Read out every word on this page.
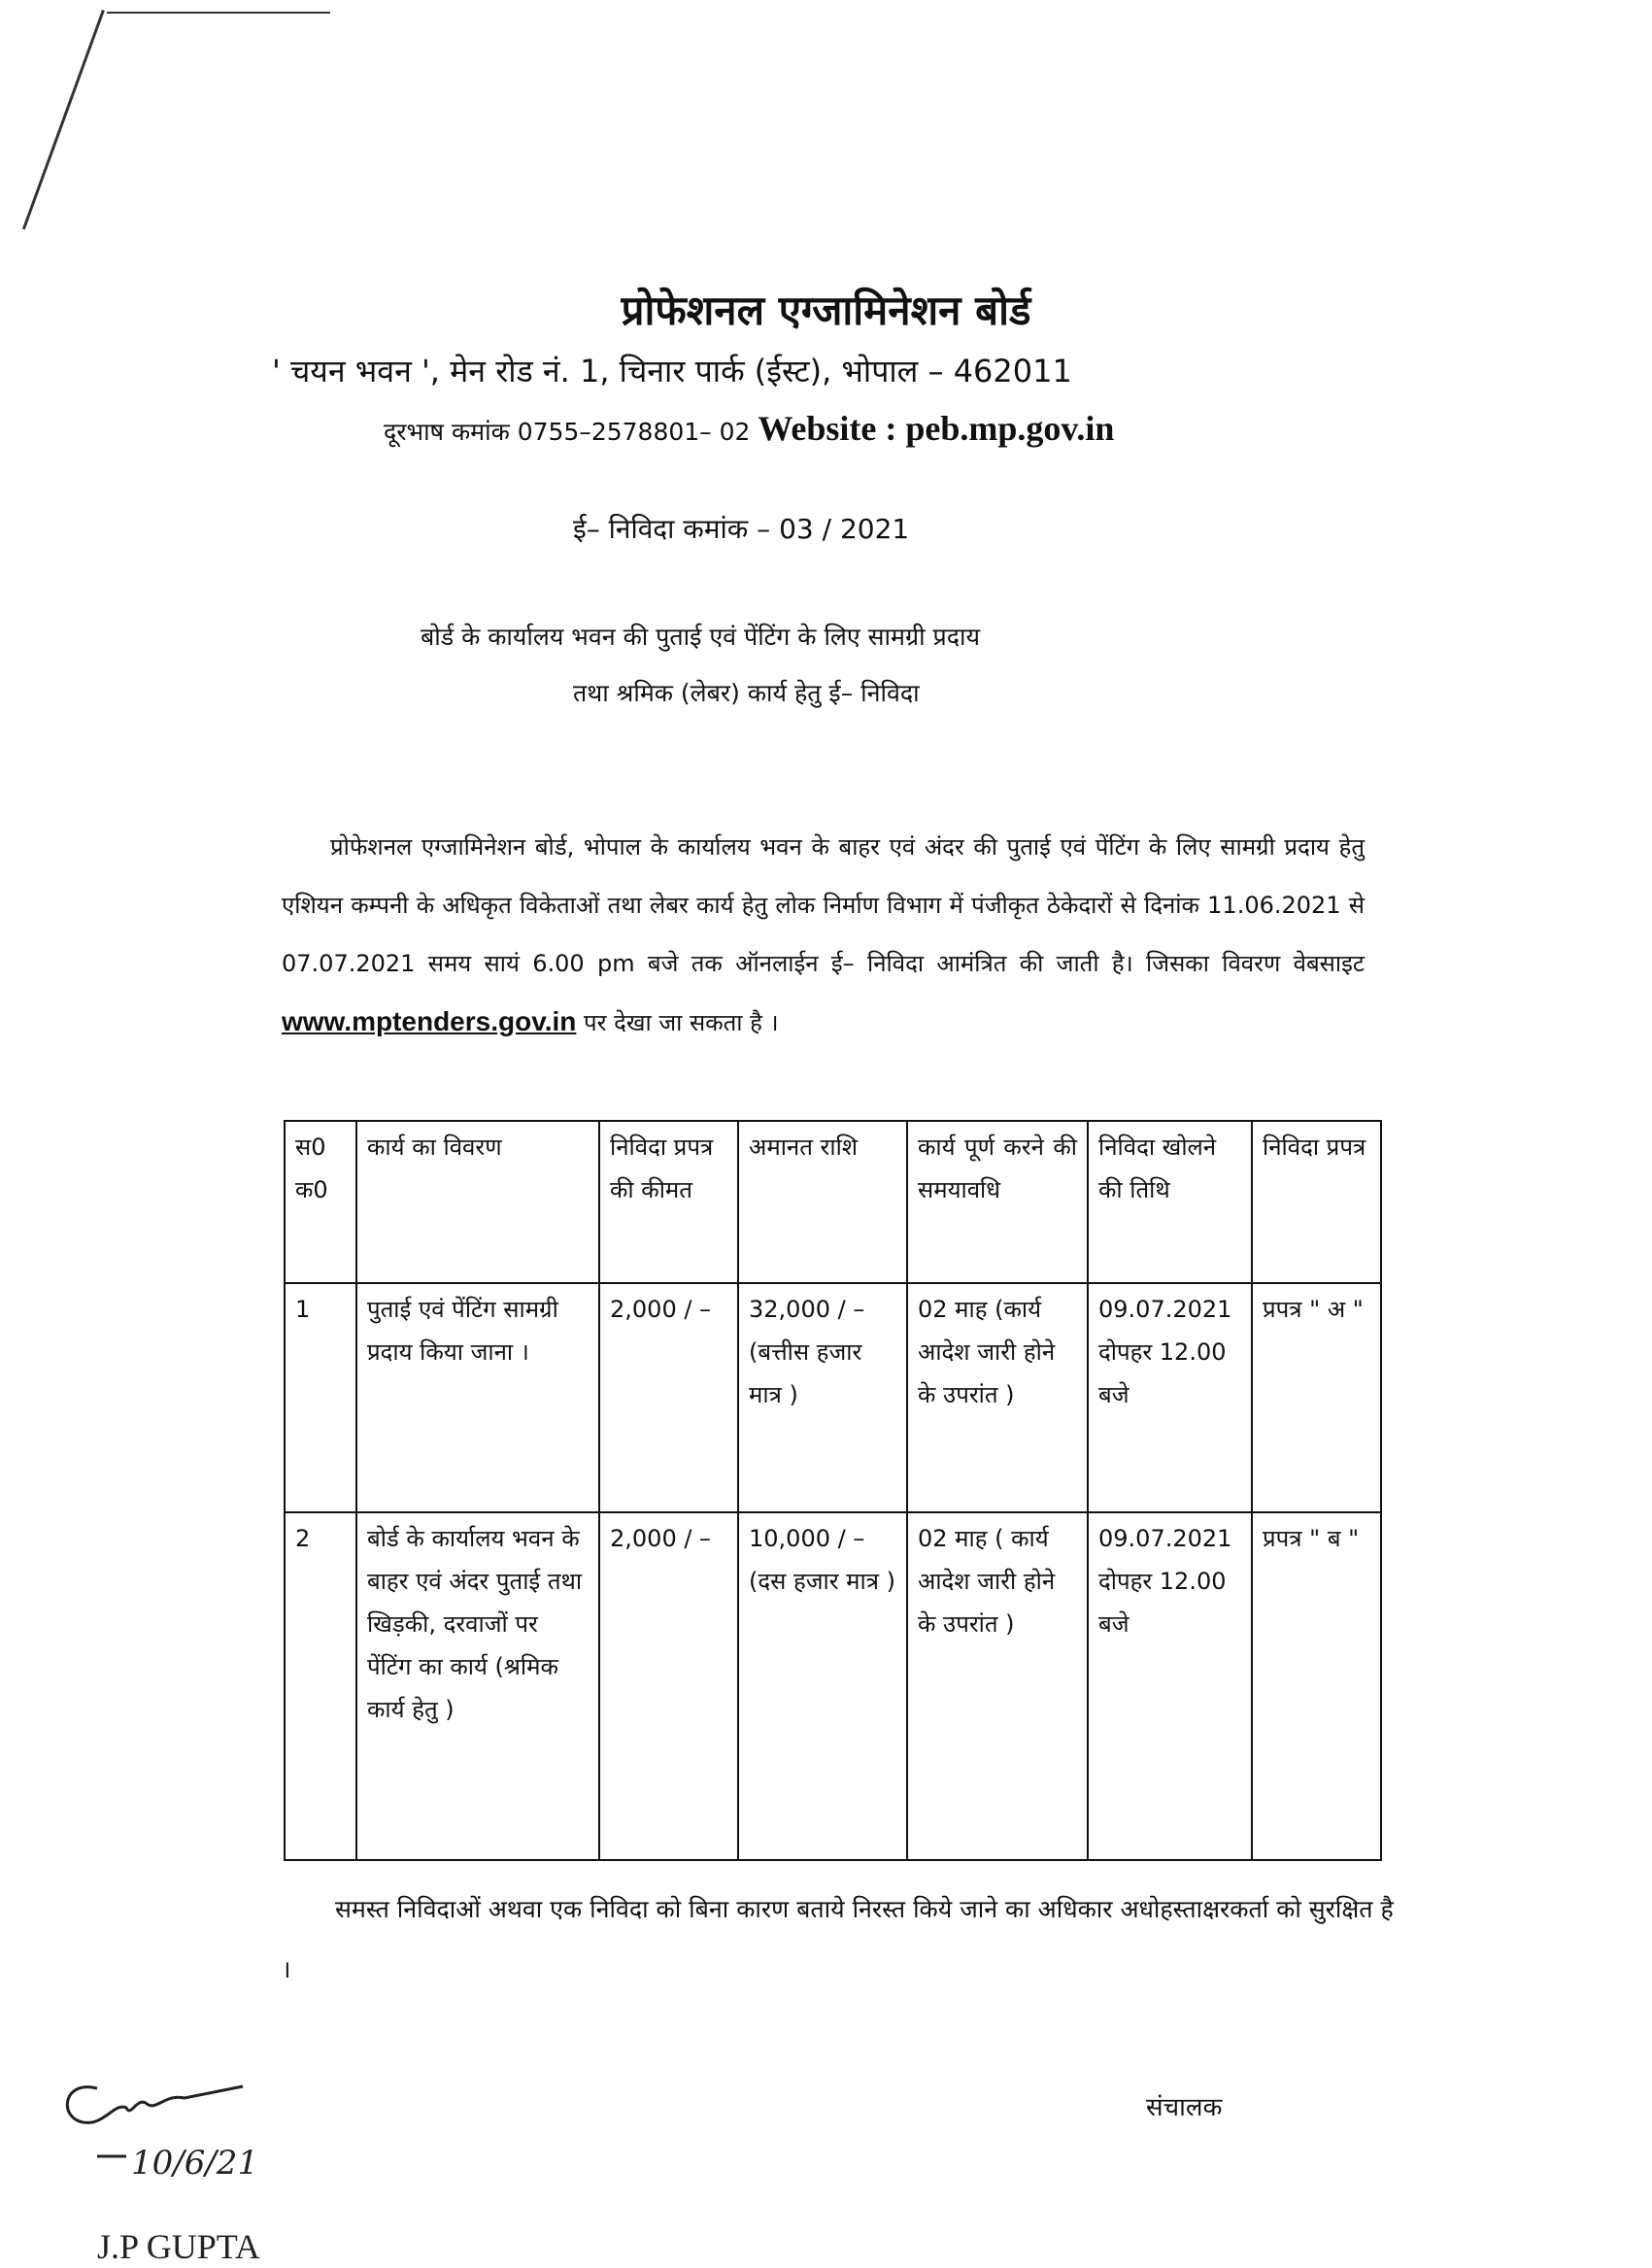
प्रोफेशनल एग्जामिनेशन बोर्ड
' चयन भवन ', मेन रोड नं. 1, चिनार पार्क (ईस्ट), भोपाल – 462011
दूरभाष कमांक 0755–2578801– 02 Website : peb.mp.gov.in
ई– निविदा कमांक – 03 / 2021
बोर्ड के कार्यालय भवन की पुताई एवं पेंटिंग के लिए सामग्री प्रदाय
तथा श्रमिक (लेबर) कार्य हेतु ई– निविदा
प्रोफेशनल एग्जामिनेशन बोर्ड, भोपाल के कार्यालय भवन के बाहर एवं अंदर की पुताई एवं पेंटिंग के लिए सामग्री प्रदाय हेतु एशियन कम्पनी के अधिकृत विकेताओं तथा लेबर कार्य हेतु लोक निर्माण विभाग में पंजीकृत ठेकेदारों से दिनांक 11.06.2021 से 07.07.2021 समय सायं 6.00 pm बजे तक ऑनलाईन ई– निविदा आमंत्रित की जाती है। जिसका विवरण वेबसाइट www.mptenders.gov.in पर देखा जा सकता है ।
स0 क0	कार्य का विवरण	निविदा प्रपत्र की कीमत	अमानत राशि	कार्य पूर्ण करने की समयावधि	निविदा खोलने की तिथि	निविदा प्रपत्र
1	पुताई एवं पेंटिंग सामग्री प्रदाय किया जाना ।	2,000 / –	32,000 / – (बत्तीस हजार मात्र )	02 माह (कार्य आदेश जारी होने के उपरांत )	09.07.2021 दोपहर 12.00 बजे	प्रपत्र " अ "
2	बोर्ड के कार्यालय भवन के बाहर एवं अंदर पुताई तथा खिड़की, दरवाजों पर पेंटिंग का कार्य (श्रमिक कार्य हेतु )	2,000 / –	10,000 / – (दस हजार मात्र )	02 माह ( कार्य आदेश जारी होने के उपरांत )	09.07.2021 दोपहर 12.00 बजे	प्रपत्र " ब "
समस्त निविदाओं अथवा एक निविदा को बिना कारण बताये निरस्त किये जाने का अधिकार अधोहस्ताक्षरकर्ता को सुरक्षित है ।
संचालक
10/6/21
J.P GUPTA
